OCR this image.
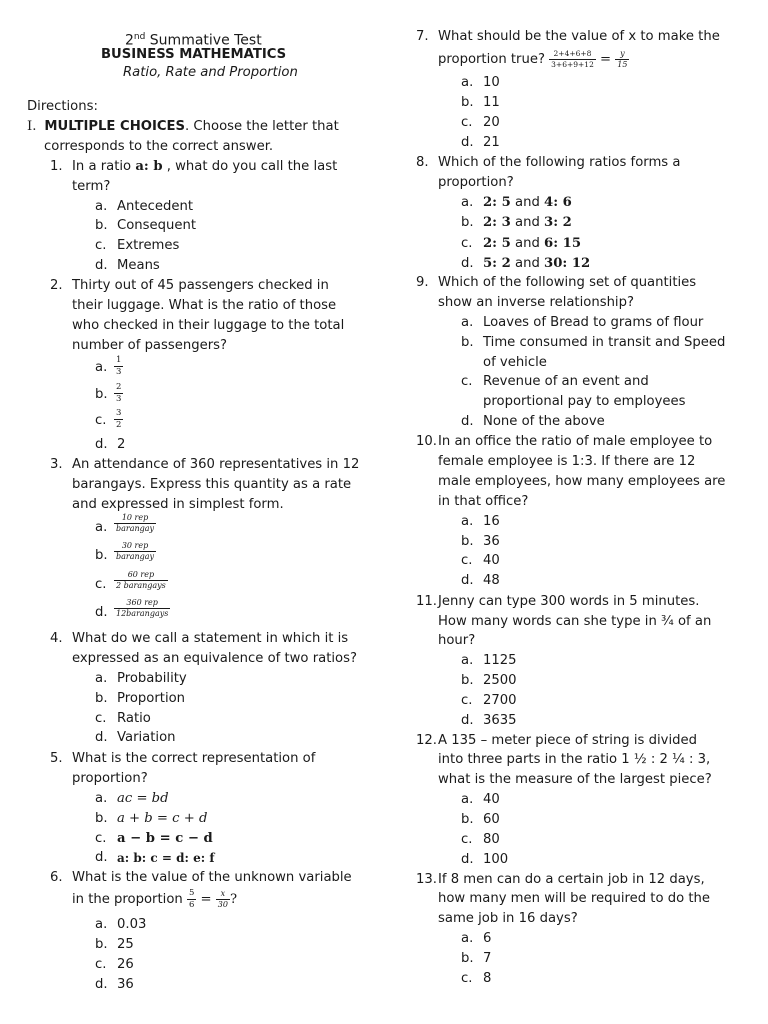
2nd Summative Test
BUSINESS MATHEMATICS
Ratio, Rate and Proportion
Directions:
I. MULTIPLE CHOICES. Choose the letter that
corresponds to the correct answer.
1. In a ratio a: b , what do you call the last
term?
a. Antecedent
b. Consequent
c. Extremes
d. Means
2. Thirty out of 45 passengers checked in
their luggage. What is the ratio of those
who checked in their luggage to the total
number of passengers?
a. $\frac{1}{3}$
b. $\frac{2}{3}$
c. $\frac{3}{2}$
d. 2
3. An attendance of 360 representatives in 12
barangays. Express this quantity as a rate
and expressed in simplest form.
a. $\frac{\text{10 rep}}{\text{barangay}}$
b. $\frac{\text{30 rep}}{\text{barangay}}$
c. $\frac{\text{60 rep}}{\text{2 barangays}}$
d. $\frac{\text{360 rep}}{\text{12barangays}}$
4. What do we call a statement in which it is
expressed as an equivalence of two ratios?
a. Probability
b. Proportion
c. Ratio
d. Variation
5. What is the correct representation of
proportion?
a. ac = bd
b. a + b = c + d
c. a − b = c − d
d. a: b: c = d: e: f
6. What is the value of the unknown variable
in the proportion $\frac{5}{6} = \frac{x}{30}$ ?
a. 0.03
b. 25
c. 26
d. 36
7. What should be the value of x to make the
proportion true? $\frac{2+4+6+8}{3+6+9+12} = \frac{y}{15}$
a. 10
b. 11
c. 20
d. 21
8. Which of the following ratios forms a
proportion?
a. 2: 5 and 4: 6
b. 2: 3 and 3: 2
c. 2: 5 and 6: 15
d. 5: 2 and 30: 12
9. Which of the following set of quantities
show an inverse relationship?
a. Loaves of Bread to grams of flour
b. Time consumed in transit and Speed
of vehicle
c. Revenue of an event and
proportional pay to employees
d. None of the above
10. In an office the ratio of male employee to
female employee is 1:3. If there are 12
male employees, how many employees are
in that office?
a. 16
b. 36
c. 40
d. 48
11. Jenny can type 300 words in 5 minutes.
How many words can she type in ¾ of an
hour?
a. 1125
b. 2500
c. 2700
d. 3635
12. A 135 – meter piece of string is divided
into three parts in the ratio 1 ½ : 2 ¼ : 3,
what is the measure of the largest piece?
a. 40
b. 60
c. 80
d. 100
13. If 8 men can do a certain job in 12 days,
how many men will be required to do the
same job in 16 days?
a. 6
b. 7
c. 8
